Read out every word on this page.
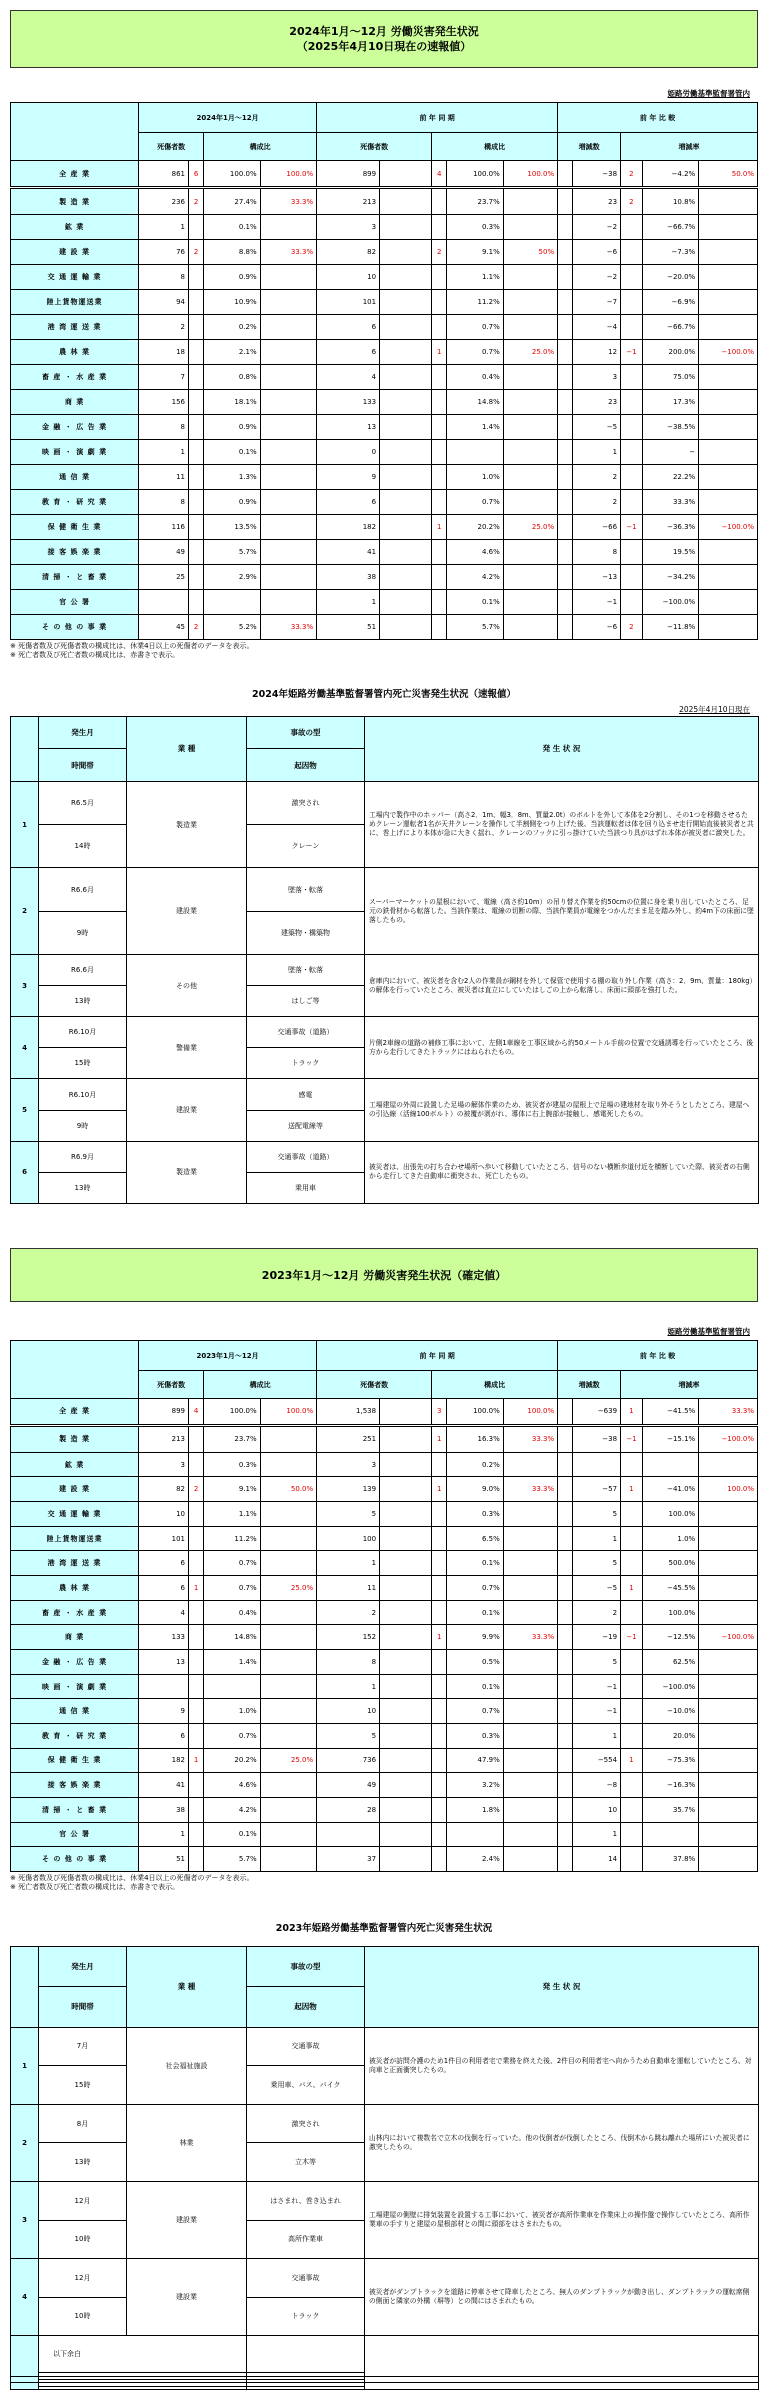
2024年1月～12月 労働災害発生状況
（2025年4月10日現在の速報値）
姫路労働基準監督署管内
	2024年1月～12月				前 年 同 期					前 年 比 較				
	死傷者数		構成比		死傷者数		構成比			増減数		増減率		
全 産 業	861	6	100.0%	100.0%	899		4	100.0%	100.0%		−38	2	−4.2%	50.0%
製 造 業	236	2	27.4%	33.3%	213			23.7%			23	2	10.8%	
鉱 業	1		0.1%		3			0.3%			−2		−66.7%	
建 設 業	76	2	8.8%	33.3%	82		2	9.1%	50%		−6		−7.3%	
交 通 運 輸 業	8		0.9%		10			1.1%			−2		−20.0%	
陸上貨物運送業	94		10.9%		101			11.2%			−7		−6.9%	
港 湾 運 送 業	2		0.2%		6			0.7%			−4		−66.7%	
農 林 業	18		2.1%		6		1	0.7%	25.0%		12	−1	200.0%	−100.0%
畜 産 ・ 水 産 業	7		0.8%		4			0.4%			3		75.0%	
商 業	156		18.1%		133			14.8%			23		17.3%	
金 融 ・ 広 告 業	8		0.9%		13			1.4%			−5		−38.5%	
映 画 ・ 演 劇 業	1		0.1%		0						1		−	
通 信 業	11		1.3%		9			1.0%			2		22.2%	
教 育 ・ 研 究 業	8		0.9%		6			0.7%			2		33.3%	
保 健 衛 生 業	116		13.5%		182		1	20.2%	25.0%		−66	−1	−36.3%	−100.0%
接 客 娯 楽 業	49		5.7%		41			4.6%			8		19.5%	
清 掃 ・ と 畜 業	25		2.9%		38			4.2%			−13		−34.2%	
官 公 署					1			0.1%			−1		−100.0%	
そ の 他 の 事 業	45	2	5.2%	33.3%	51			5.7%			−6	2	−11.8%	
※ 死傷者数及び死傷者数の構成比は、休業4日以上の死傷者のデータを表示。
※ 死亡者数及び死亡者数の構成比は、赤書きで表示。
2024年姫路労働基準監督署管内死亡災害発生状況（速報値）
2025年4月10日現在
	発生月	業 種	事故の型	発 生 状 況
	時間帯		起因物	
1	R6.5月	製造業	激突され	工場内で製作中のホッパー（高さ2．1m、幅3．8m、質量2.0t）のボルトを外して本体を2分割し、その1つを移動させるためクレーン運転者1名が天井クレーンを操作して半割側をつり上げた後、当該運転者は体を回り込ませ走行開始直後被災者と共に、巻上げにより本体が急に大きく揺れ、クレーンのフックに引っ掛けていた当該つり具がはずれ本体が被災者に激突した。
	14時		クレーン	
2	R6.6月	建設業	墜落・転落	スーパーマーケットの屋根において、電線（高さ約10m）の吊り替え作業を約50cmの位置に身を乗り出していたところ、足元の鉄骨材から転落した。当該作業は、電線の切断の際、当該作業員が電線をつかんだまま足を踏み外し、約4m下の床面に墜落したもの。
	9時		建築物・構築物	
3	R6.6月	その他	墜落・転落	倉庫内において、被災者を含む2人の作業員が鋼材を外して保管で使用する棚の取り外し作業（高さ：2．9m、質量：180kg）の解体を行っていたところ、被災者は直立にしていたはしごの上から転落し、床面に頭部を強打した。
	13時		はしご等	
4	R6.10月	警備業	交通事故（道路）	片側2車線の道路の補修工事において、左側1車線を工事区域から約50メートル手前の位置で交通誘導を行っていたところ、後方から走行してきたトラックにはねられたもの。
	15時		トラック	
5	R6.10月	建設業	感電	工場建屋の外周に設置した足場の解体作業のため、被災者が建屋の屋根上で足場の建地材を取り外そうとしたところ、建屋への引込線（活線100ボルト）の被覆が剥がれ、導体に右上腕部が接触し、感電死したもの。
	9時		送配電線等	
6	R6.9月	製造業	交通事故（道路）	被災者は、出張先の打ち合わせ場所へ歩いて移動していたところ、信号のない横断歩道付近を横断していた際、被災者の右側から走行してきた自動車に衝突され、死亡したもの。
	13時		乗用車	
2023年1月～12月 労働災害発生状況（確定値）
姫路労働基準監督署管内
	2023年1月～12月				前 年 同 期					前 年 比 較				
	死傷者数		構成比		死傷者数		構成比			増減数		増減率		
全 産 業	899	4	100.0%	100.0%	1,538		3	100.0%	100.0%		−639	1	−41.5%	33.3%
製 造 業	213		23.7%		251		1	16.3%	33.3%		−38	−1	−15.1%	−100.0%
鉱 業	3		0.3%		3			0.2%						
建 設 業	82	2	9.1%	50.0%	139		1	9.0%	33.3%		−57	1	−41.0%	100.0%
交 通 運 輸 業	10		1.1%		5			0.3%			5		100.0%	
陸上貨物運送業	101		11.2%		100			6.5%			1		1.0%	
港 湾 運 送 業	6		0.7%		1			0.1%			5		500.0%	
農 林 業	6	1	0.7%	25.0%	11			0.7%			−5	1	−45.5%	
畜 産 ・ 水 産 業	4		0.4%		2			0.1%			2		100.0%	
商 業	133		14.8%		152		1	9.9%	33.3%		−19	−1	−12.5%	−100.0%
金 融 ・ 広 告 業	13		1.4%		8			0.5%			5		62.5%	
映 画 ・ 演 劇 業					1			0.1%			−1		−100.0%	
通 信 業	9		1.0%		10			0.7%			−1		−10.0%	
教 育 ・ 研 究 業	6		0.7%		5			0.3%			1		20.0%	
保 健 衛 生 業	182	1	20.2%	25.0%	736			47.9%			−554	1	−75.3%	
接 客 娯 楽 業	41		4.6%		49			3.2%			−8		−16.3%	
清 掃 ・ と 畜 業	38		4.2%		28			1.8%			10		35.7%	
官 公 署	1		0.1%								1			
そ の 他 の 事 業	51		5.7%		37			2.4%			14		37.8%	
※ 死傷者数及び死傷者数の構成比は、休業4日以上の死傷者のデータを表示。
※ 死亡者数及び死亡者数の構成比は、赤書きで表示。
2023年姫路労働基準監督署管内死亡災害発生状況
	発生月	業 種	事故の型	発 生 状 況
	時間帯		起因物	
1	7月	社会福祉施設	交通事故	被災者が訪問介護のため1件目の利用者宅で業務を終えた後、2件目の利用者宅へ向かうため自動車を運転していたところ、対向車と正面衝突したもの。
	15時		乗用車、バス、バイク	
2	8月	林業	激突され	山林内において複数名で立木の伐倒を行っていた。他の伐倒者が伐倒したところ、伐倒木から跳ね離れた場所にいた被災者に激突したもの。
	13時		立木等	
3	12月	建設業	はさまれ、巻き込まれ	工場建屋の側壁に排気装置を設置する工事において、被災者が高所作業車を作業床上の操作盤で操作していたところ、高所作業車の手すりと建屋の屋根部材との間に頭部をはさまれたもの。
	10時		高所作業車	
4	12月	建設業	交通事故	被災者がダンプトラックを道路に停車させて降車したところ、無人のダンプトラックが動き出し、ダンプトラックの運転席側の側面と隣家の外構（塀等）との間にはさまれたもの。
	10時		トラック	
	以下余白			
